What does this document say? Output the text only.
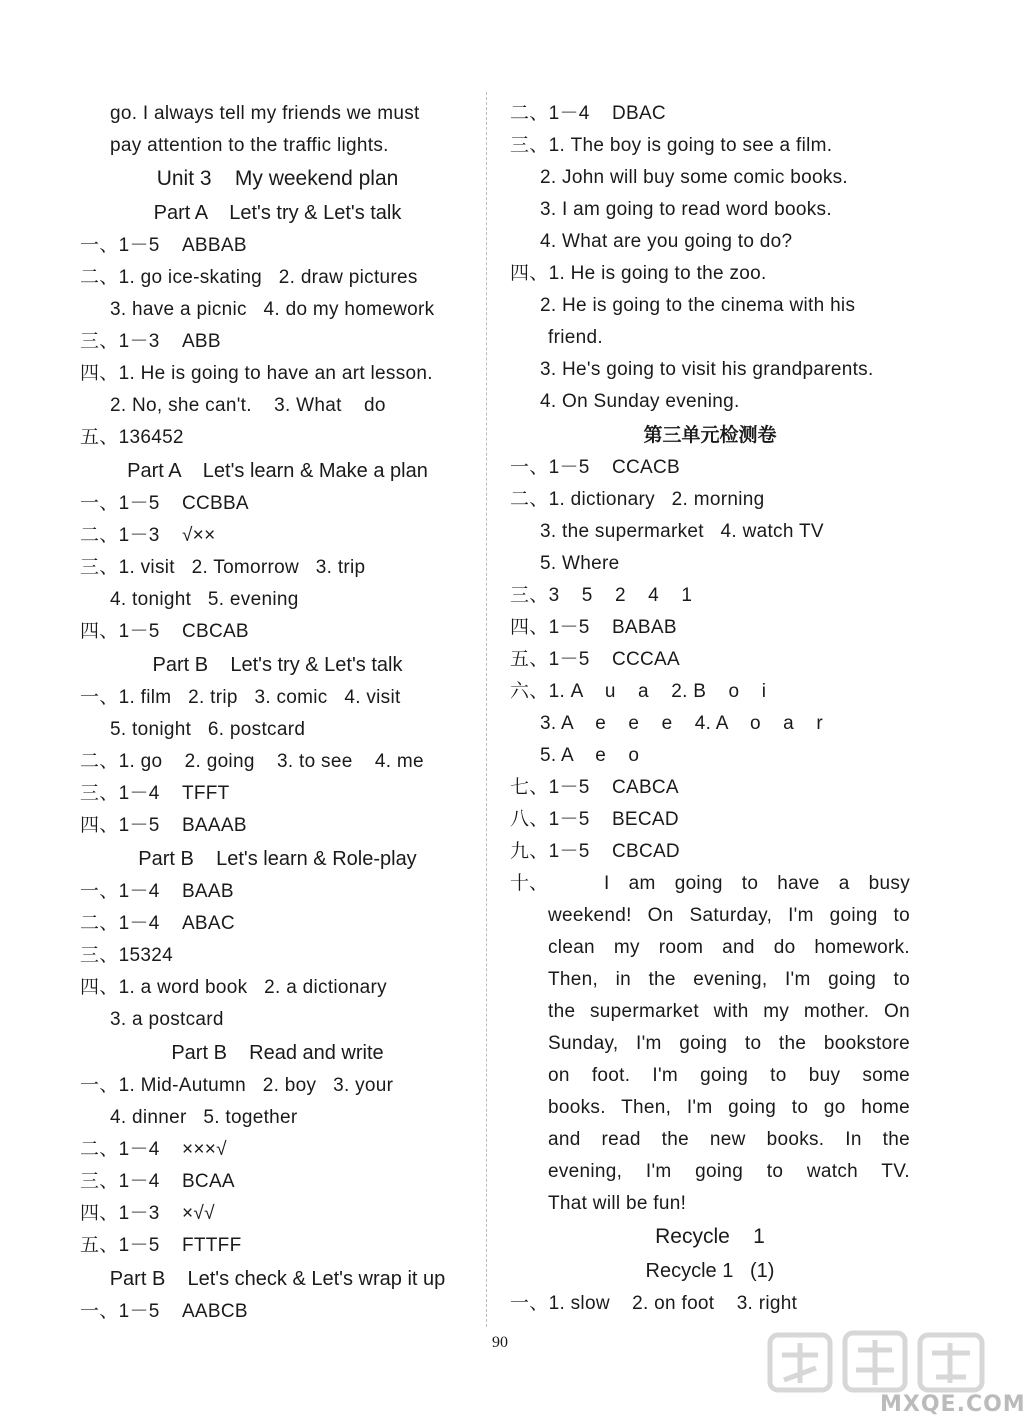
go. I always tell my friends we must
pay attention to the traffic lights.
Unit 3    My weekend plan
Part A    Let's try & Let's talk
一、1－5    ABBAB
二、1. go ice-skating   2. draw pictures
3. have a picnic   4. do my homework
三、1－3    ABB
四、1. He is going to have an art lesson.
2. No, she can't.    3. What    do
五、136452
Part A    Let's learn & Make a plan
一、1－5    CCBBA
二、1－3    √××
三、1. visit   2. Tomorrow   3. trip
4. tonight   5. evening
四、1－5    CBCAB
Part B    Let's try & Let's talk
一、1. film   2. trip   3. comic   4. visit
5. tonight   6. postcard
二、1. go    2. going    3. to see    4. me
三、1－4    TFFT
四、1－5    BAAAB
Part B    Let's learn & Role-play
一、1－4    BAAB
二、1－4    ABAC
三、15324
四、1. a word book   2. a dictionary
3. a postcard
Part B    Read and write
一、1. Mid-Autumn   2. boy   3. your
4. dinner   5. together
二、1－4    ×××√
三、1－4    BCAA
四、1－3    ×√√
五、1－5    FTTFF
Part B    Let's check & Let's wrap it up
一、1－5    AABCB
二、1－4    DBAC
三、1. The boy is going to see a film.
2. John will buy some comic books.
3. I am going to read word books.
4. What are you going to do?
四、1. He is going to the zoo.
2. He is going to the cinema with his
friend.
3. He's going to visit his grandparents.
4. On Sunday evening.
第三单元检测卷
一、1－5    CCACB
二、1. dictionary   2. morning
3. the supermarket   4. watch TV
5. Where
三、3    5    2    4    1
四、1－5    BABAB
五、1－5    CCCAA
六、1. A    u    a    2. B    o    i
3. A    e    e    e    4. A    o    a    r
5. A    e    o
七、1－5    CABCA
八、1－5    BECAD
九、1－5    CBCAD
十、	I am going to have a busy
weekend! On Saturday, I'm going to
clean my room and do homework.
Then, in the evening, I'm going to
the supermarket with my mother. On
Sunday, I'm going to the bookstore
on foot. I'm going to buy some
books. Then, I'm going to go home
and read the new books. In the
evening, I'm going to watch TV.
That will be fun!
Recycle    1
Recycle 1   (1)
一、1. slow    2. on foot    3. right
90
MXQE.COM
